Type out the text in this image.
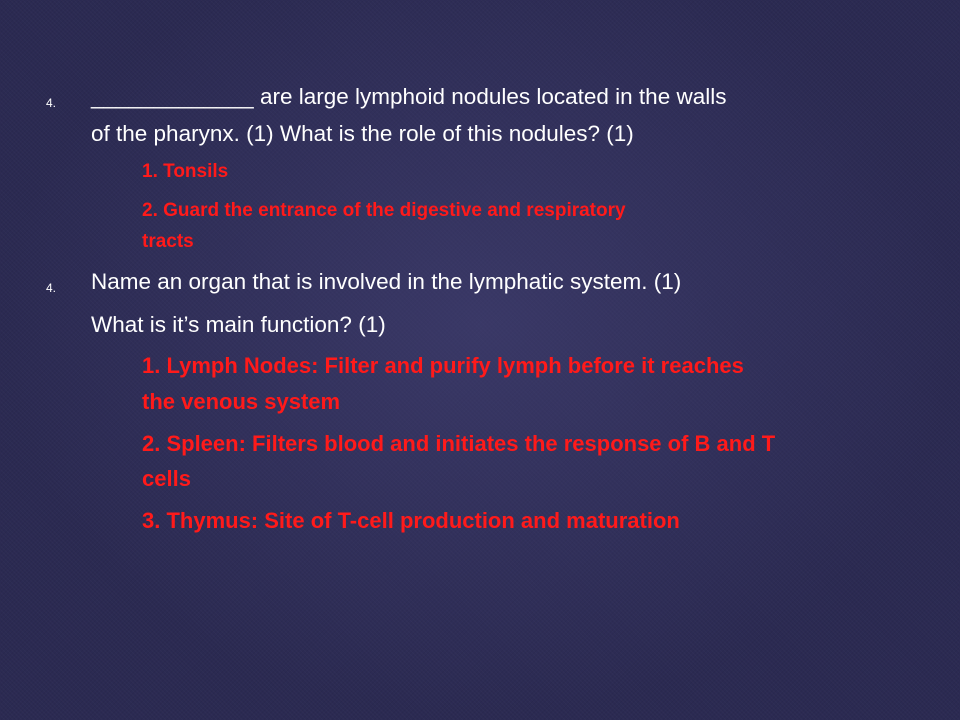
4. _____________ are large lymphoid nodules located in the walls
of the pharynx. (1) What is the role of this nodules? (1)
1. Tonsils
2. Guard the entrance of the digestive and respiratory
tracts
4. Name an organ that is involved in the lymphatic system. (1)
What is it’s main function? (1)
1. Lymph Nodes: Filter and purify lymph before it reaches
the venous system
2. Spleen: Filters blood and initiates the response of B and T
cells
3. Thymus: Site of T-cell production and maturation
